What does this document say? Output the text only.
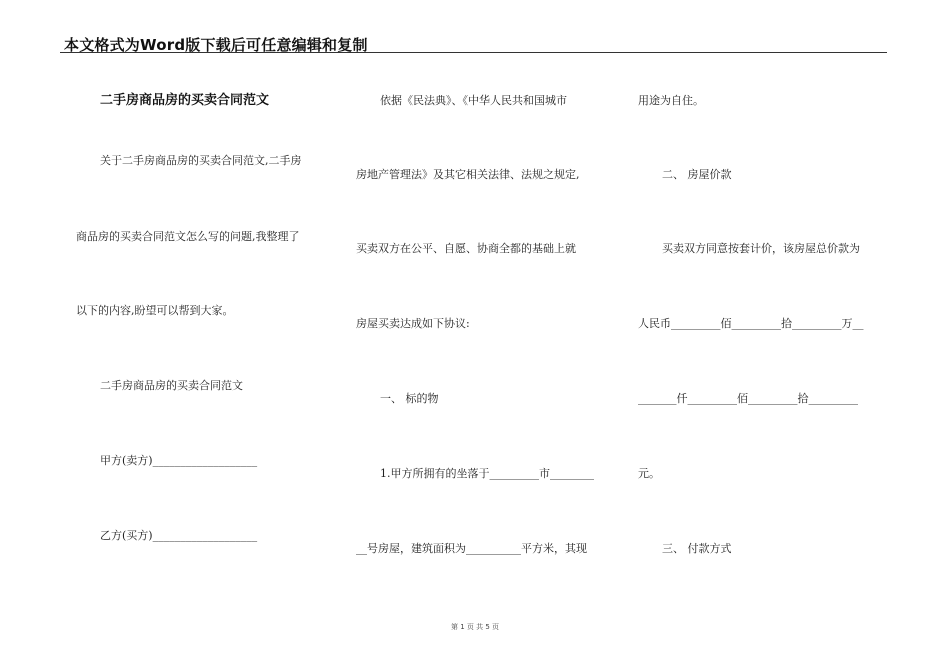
本文格式为Word版下载后可任意编辑和复制
二手房商品房的买卖合同范文
关于二手房商品房的买卖合同范文,二手房
商品房的买卖合同范文怎么写的问题,我整理了
以下的内容,盼望可以帮到大家。
二手房商品房的买卖合同范文
甲方(卖方)___________________
乙方(买方)___________________
依据《民法典》、《中华人民共和国城市
房地产管理法》及其它相关法律、法规之规定,
买卖双方在公平、自愿、协商全都的基础上就
房屋买卖达成如下协议:
一、 标的物
1.甲方所拥有的坐落于_________市________
__号房屋，建筑面积为__________平方米，其现
用途为自住。
二、 房屋价款
买卖双方同意按套计价，该房屋总价款为
人民币_________佰_________拾_________万__
_______仟_________佰_________拾_________
元。
三、 付款方式
第 1 页 共 5 页
